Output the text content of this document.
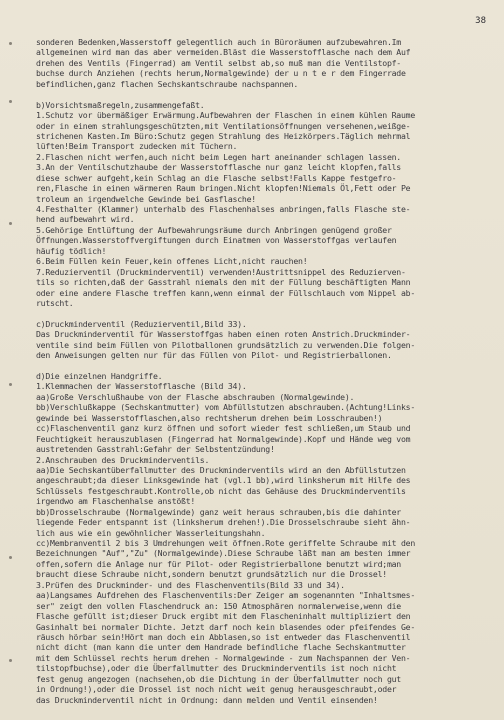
38
sonderen Bedenken,Wasserstoff gelegentlich auch in Büroräumen aufzubewahren.Im
allgemeinen wird man das aber vermeiden.Bläst die Wasserstofflasche nach dem Auf
drehen des Ventils (Fingerrad) am Ventil selbst ab,so muß man die Ventilstopf-
buchse durch Anziehen (rechts herum,Normalgewinde) der u n t e r dem Fingerrade
befindlichen,ganz flachen Sechskantschraube nachspannen.
b)Vorsichtsmaßregeln,zusammengefaßt.
1.Schutz vor übermäßiger Erwärmung.Aufbewahren der Flaschen in einem kühlen Raume
oder in einem strahlungsgeschützten,mit Ventilationsöffnungen versehenen,weißge-
strichenen Kasten.Im Büro:Schutz gegen Strahlung des Heizkörpers.Täglich mehrmal
lüften!Beim Transport zudecken mit Tüchern.
2.Flaschen nicht werfen,auch nicht beim Legen hart aneinander schlagen lassen.
3.An der Ventilschutzhaube der Wasserstofflasche nur ganz leicht klopfen,falls
diese schwer aufgeht,kein Schlag an die Flasche selbst!Falls Kappe festgefro-
ren,Flasche in einen wärmeren Raum bringen.Nicht klopfen!Niemals Öl,Fett oder Pe
troleum an irgendwelche Gewinde bei Gasflasche!
4.Festhalter (Klammer) unterhalb des Flaschenhalses anbringen,falls Flasche ste-
hend aufbewahrt wird.
5.Gehörige Entlüftung der Aufbewahrungsräume durch Anbringen genügend großer
Öffnungen.Wasserstoffvergiftungen durch Einatmen von Wasserstoffgas verlaufen
häufig tödlich!
6.Beim Füllen kein Feuer,kein offenes Licht,nicht rauchen!
7.Reduzierventil (Druckminderventil) verwenden!Austrittsnippel des Reduzierven-
tils so richten,daß der Gasstrahl niemals den mit der Füllung beschäftigten Mann
oder eine andere Flasche treffen kann,wenn einmal der Füllschlauch vom Nippel ab-
rutscht.
c)Druckminderventil (Reduzierventil,Bild 33).
Das Druckminderventil für Wasserstoffgas haben einen roten Anstrich.Druckminder-
ventile sind beim Füllen von Pilotballonen grundsätzlich zu verwenden.Die folgen-
den Anweisungen gelten nur für das Füllen von Pilot- und Registrierballonen.
d)Die einzelnen Handgriffe.
1.Klemmachen der Wasserstofflasche (Bild 34).
aa)Große Verschlußhaube von der Flasche abschrauben (Normalgewinde).
bb)Verschlußkappe (Sechskantmutter) vom Abfüllstutzen abschrauben.(Achtung!Links-
gewinde bei Wasserstofflaschen,also rechtsherum drehen beim Losschrauben!)
cc)Flaschenventil ganz kurz öffnen und sofort wieder fest schließen,um Staub und
Feuchtigkeit herauszublasen (Fingerrad hat Normalgewinde).Kopf und Hände weg vom
austretenden Gasstrahl:Gefahr der Selbstentzündung!
2.Anschrauben des Druckminderventils.
aa)Die Sechskantüberfallmutter des Druckminderventils wird an den Abfüllstutzen
angeschraubt;da dieser Linksgewinde hat (vgl.1 bb),wird linksherum mit Hilfe des
Schlüssels festgeschraubt.Kontrolle,ob nicht das Gehäuse des Druckminderventils
irgendwo am Flaschenhalse anstößt!
bb)Drosselschraube (Normalgewinde) ganz weit heraus schrauben,bis die dahinter
liegende Feder entspannt ist (linksherum drehen!).Die Drosselschraube sieht ähn-
lich aus wie ein gewöhnlicher Wasserleitungshahn.
cc)Membranventil 2 bis 3 Umdrehungen weit öffnen.Rote geriffelte Schraube mit den
Bezeichnungen "Auf","Zu" (Normalgewinde).Diese Schraube läßt man am besten immer
offen,sofern die Anlage nur für Pilot- oder Registrierballone benutzt wird;man
braucht diese Schraube nicht,sondern benutzt grundsätzlich nur die Drossel!
3.Prüfen des Druckminder- und des Flaschenventils(Bild 33 und 34).
aa)Langsames Aufdrehen des Flaschenventils:Der Zeiger am sogenannten "Inhaltsmes-
ser" zeigt den vollen Flaschendruck an: 150 Atmosphären normalerweise,wenn die
Flasche gefüllt ist;dieser Druck ergibt mit dem Flascheninhalt multipliziert den
Gasinhalt bei normaler Dichte. Jetzt darf noch kein blasendes oder pfeifendes Ge-
räusch hörbar sein!Hört man doch ein Abblasen,so ist entweder das Flaschenventil
nicht dicht (man kann die unter dem Handrade befindliche flache Sechskantmutter
mit dem Schlüssel rechts herum drehen - Normalgewinde - zum Nachspannen der Ven-
tilstopfbuchse),oder die Überfallmutter des Druckminderventils ist noch nicht
fest genug angezogen (nachsehen,ob die Dichtung in der Überfallmutter noch gut
in Ordnung!),oder die Drossel ist noch nicht weit genug herausgeschraubt,oder
das Druckminderventil nicht in Ordnung: dann melden und Ventil einsenden!
